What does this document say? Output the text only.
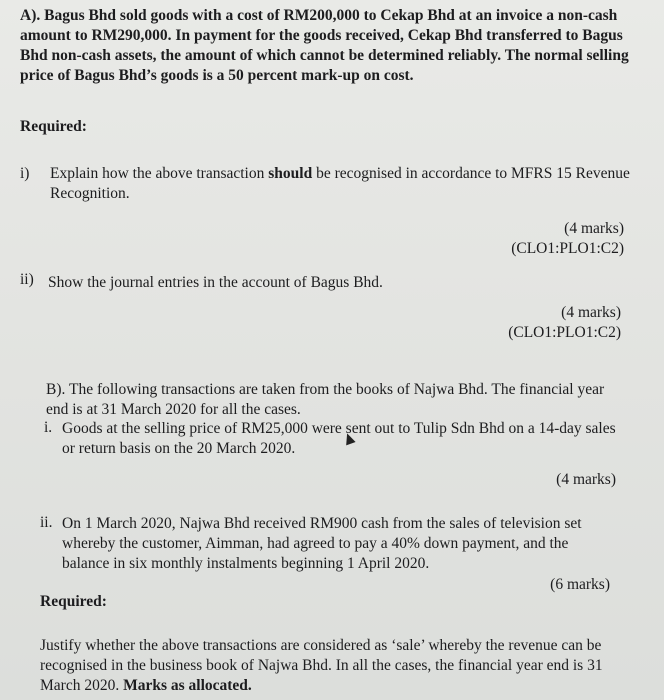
A). Bagus Bhd sold goods with a cost of RM200,000 to Cekap Bhd at an invoice a non-cash amount to RM290,000. In payment for the goods received, Cekap Bhd transferred to Bagus Bhd non-cash assets, the amount of which cannot be determined reliably. The normal selling price of Bagus Bhd’s goods is a 50 percent mark-up on cost.
Required:
i) Explain how the above transaction should be recognised in accordance to MFRS 15 Revenue Recognition.
(4 marks)
(CLO1:PLO1:C2)
ii) Show the journal entries in the account of Bagus Bhd.
(4 marks)
(CLO1:PLO1:C2)
B). The following transactions are taken from the books of Najwa Bhd. The financial year end is at 31 March 2020 for all the cases.
i. Goods at the selling price of RM25,000 were sent out to Tulip Sdn Bhd on a 14-day sales or return basis on the 20 March 2020.
(4 marks)
ii. On 1 March 2020, Najwa Bhd received RM900 cash from the sales of television set whereby the customer, Aimman, had agreed to pay a 40% down payment, and the balance in six monthly instalments beginning 1 April 2020.
(6 marks)
Required:
Justify whether the above transactions are considered as ‘sale’ whereby the revenue can be recognised in the business book of Najwa Bhd. In all the cases, the financial year end is 31 March 2020. Marks as allocated.
